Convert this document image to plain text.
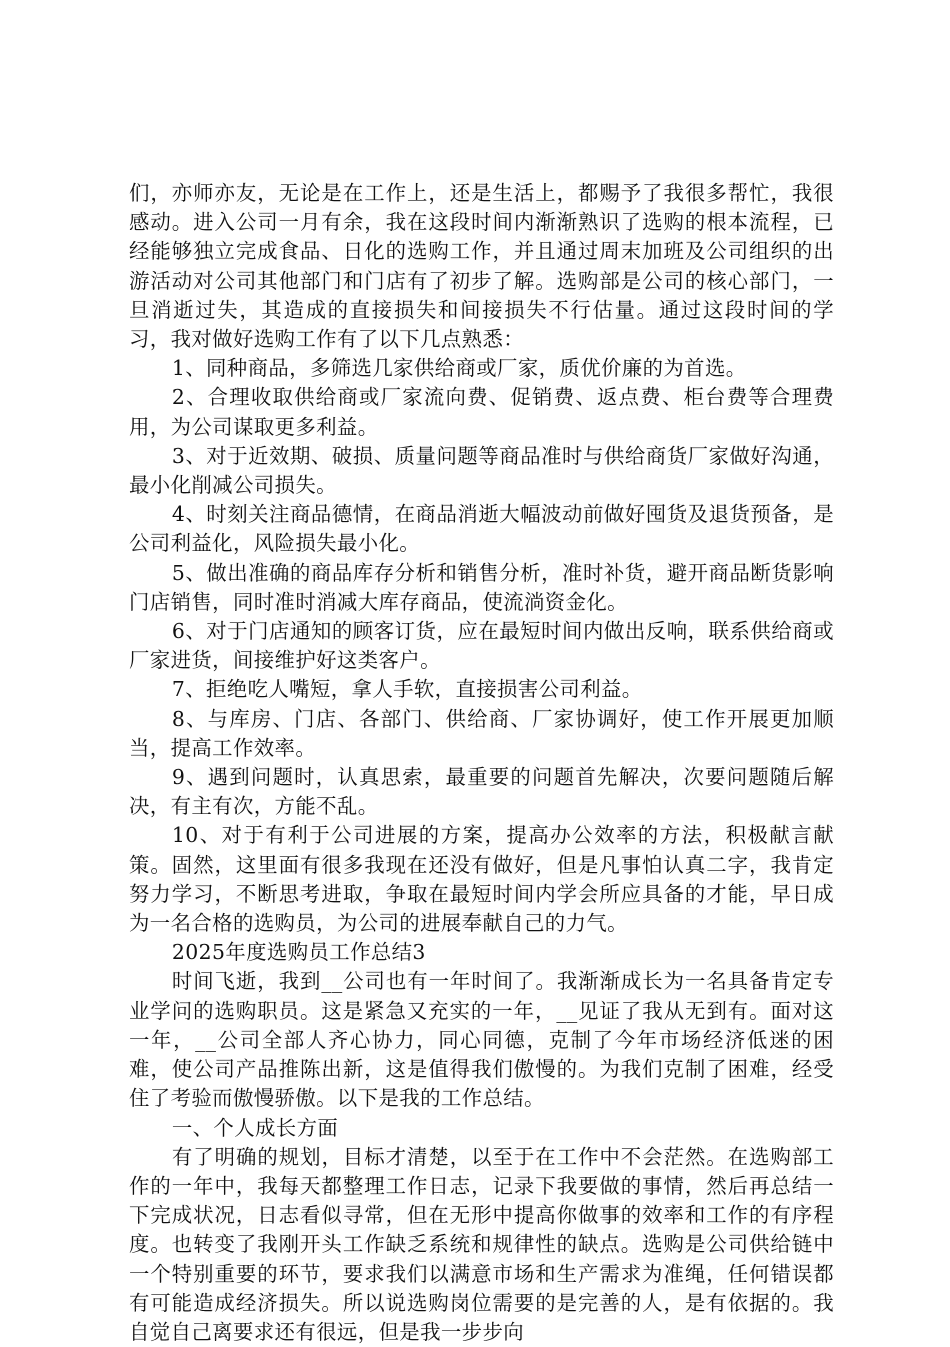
们，亦师亦友，无论是在工作上，还是生活上，都赐予了我很多帮忙，我很感动。进入公司一月有余，我在这段时间内渐渐熟识了选购的根本流程，已经能够独立完成食品、日化的选购工作，并且通过周末加班及公司组织的出游活动对公司其他部门和门店有了初步了解。选购部是公司的核心部门，一旦消逝过失，其造成的直接损失和间接损失不行估量。通过这段时间的学习，我对做好选购工作有了以下几点熟悉：

1、同种商品，多筛选几家供给商或厂家，质优价廉的为首选。

2、合理收取供给商或厂家流向费、促销费、返点费、柜台费等合理费用，为公司谋取更多利益。

3、对于近效期、破损、质量问题等商品准时与供给商货厂家做好沟通，最小化削减公司损失。

4、时刻关注商品德情，在商品消逝大幅波动前做好囤货及退货预备，是公司利益化，风险损失最小化。

5、做出准确的商品库存分析和销售分析，准时补货，避开商品断货影响门店销售，同时准时消减大库存商品，使流淌资金化。

6、对于门店通知的顾客订货，应在最短时间内做出反响，联系供给商或厂家进货，间接维护好这类客户。

7、拒绝吃人嘴短，拿人手软，直接损害公司利益。

8、与库房、门店、各部门、供给商、厂家协调好，使工作开展更加顺当，提高工作效率。

9、遇到问题时，认真思索，最重要的问题首先解决，次要问题随后解决，有主有次，方能不乱。

10、对于有利于公司进展的方案，提高办公效率的方法，积极献言献策。固然，这里面有很多我现在还没有做好，但是凡事怕认真二字，我肯定努力学习，不断思考进取，争取在最短时间内学会所应具备的才能，早日成为一名合格的选购员，为公司的进展奉献自己的力气。

2025年度选购员工作总结3

时间飞逝，我到__公司也有一年时间了。我渐渐成长为一名具备肯定专业学问的选购职员。这是紧急又充实的一年，__见证了我从无到有。面对这一年，__公司全部人齐心协力，同心同德，克制了今年市场经济低迷的困难，使公司产品推陈出新，这是值得我们傲慢的。为我们克制了困难，经受住了考验而傲慢骄傲。以下是我的工作总结。

一、个人成长方面

有了明确的规划，目标才清楚，以至于在工作中不会茫然。在选购部工作的一年中，我每天都整理工作日志，记录下我要做的事情，然后再总结一下完成状况，日志看似寻常，但在无形中提高你做事的效率和工作的有序程度。也转变了我刚开头工作缺乏系统和规律性的缺点。选购是公司供给链中一个特别重要的环节，要求我们以满意市场和生产需求为准绳，任何错误都有可能造成经济损失。所以说选购岗位需要的是完善的人，是有依据的。我自觉自己离要求还有很远，但是我一步步向
